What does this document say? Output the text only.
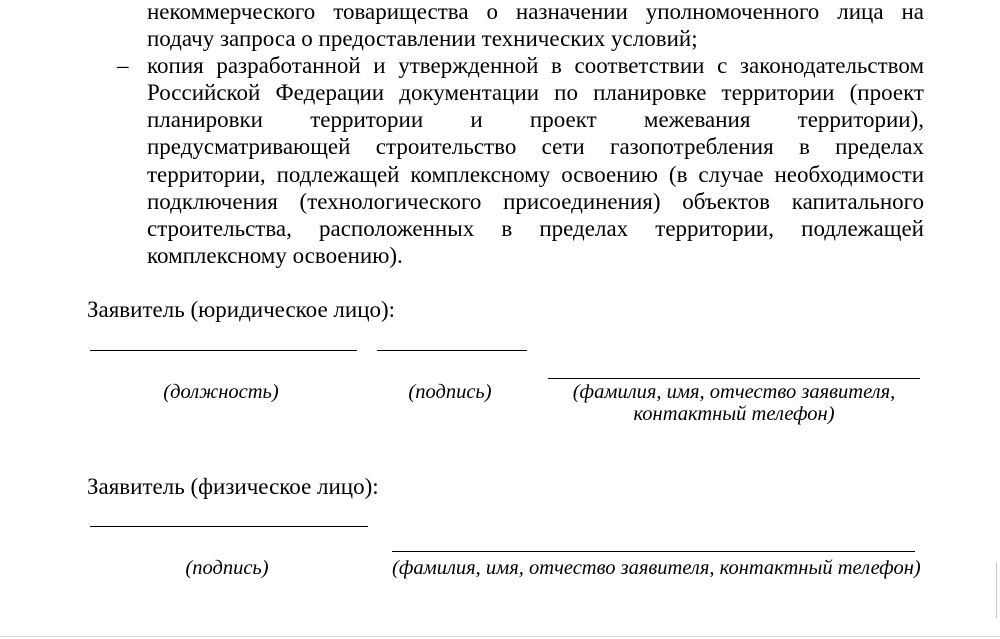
некоммерческого товарищества о назначении уполномоченного лица на
подачу запроса о предоставлении технических условий;
копия разработанной и утвержденной в соответствии с законодательством
Российской Федерации документации по планировке территории (проект
планировки территории и проект межевания территории),
предусматривающей строительство сети газопотребления в пределах
территории, подлежащей комплексному освоению (в случае необходимости
подключения (технологического присоединения) объектов капитального
строительства, расположенных в пределах территории, подлежащей
комплексному освоению).
–
Заявитель (юридическое лицо):
(должность)	(подпись)	(фамилия, имя, отчество заявителя,
контактный телефон)
Заявитель (физическое лицо):
(подпись)	(фамилия, имя, отчество заявителя, контактный телефон)
